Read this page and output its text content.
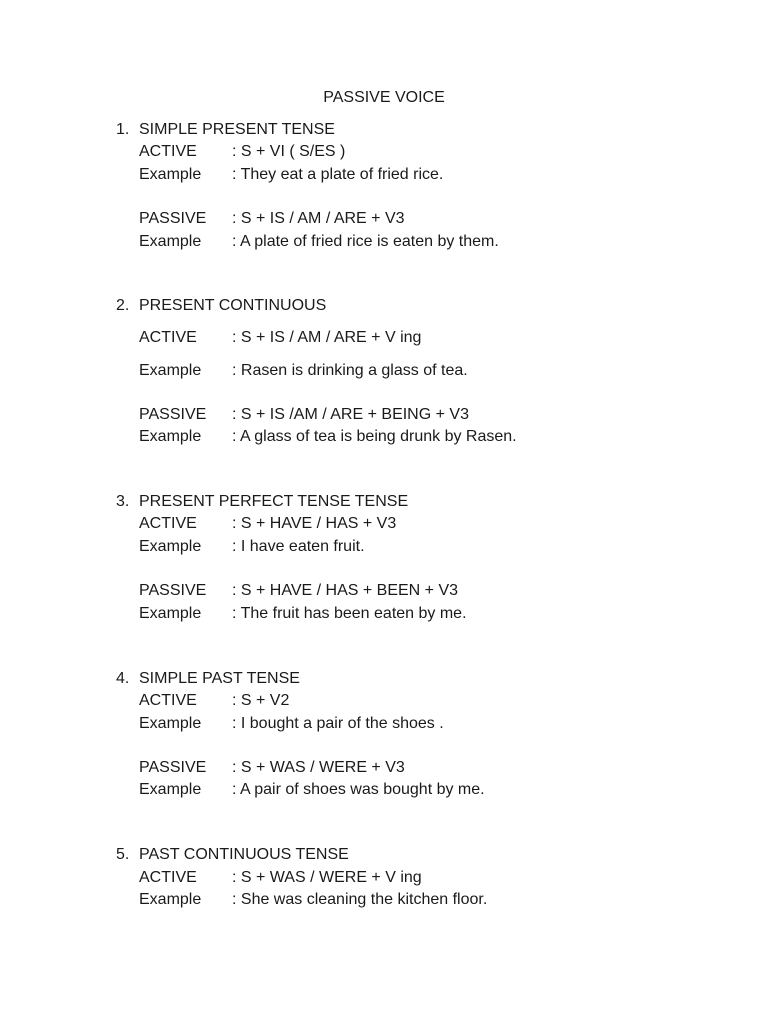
PASSIVE VOICE
1. SIMPLE PRESENT TENSE
ACTIVE : S + VI ( S/ES )
Example : They eat a plate of fried rice.
PASSIVE : S + IS / AM / ARE + V3
Example : A plate of fried rice is eaten by them.
2. PRESENT CONTINUOUS
ACTIVE : S + IS / AM / ARE + V ing
Example : Rasen is drinking a glass of tea.
PASSIVE : S + IS /AM / ARE + BEING + V3
Example : A glass of tea is being drunk by Rasen.
3. PRESENT PERFECT TENSE TENSE
ACTIVE : S + HAVE / HAS + V3
Example : I have eaten fruit.
PASSIVE : S + HAVE / HAS + BEEN + V3
Example : The fruit has been eaten by me.
4. SIMPLE PAST TENSE
ACTIVE : S + V2
Example : I bought a pair of the shoes .
PASSIVE : S + WAS / WERE + V3
Example : A pair of shoes was bought by me.
5. PAST CONTINUOUS TENSE
ACTIVE : S + WAS / WERE + V ing
Example : She was cleaning the kitchen floor.
